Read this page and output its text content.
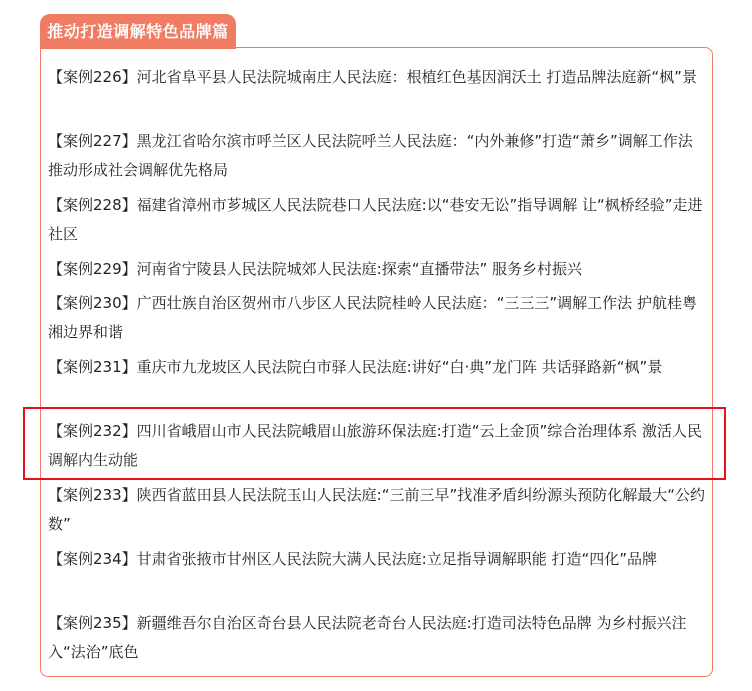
推动打造调解特色品牌篇
【案例226】河北省阜平县人民法院城南庄人民法庭：根植红色基因润沃土 打造品牌法庭新“枫”景
【案例227】黑龙江省哈尔滨市呼兰区人民法院呼兰人民法庭：“内外兼修”打造“萧乡”调解工作法 推动形成社会调解优先格局
【案例228】福建省漳州市芗城区人民法院巷口人民法庭:以“巷安无讼”指导调解 让“枫桥经验”走进社区
【案例229】河南省宁陵县人民法院城郊人民法庭:探索“直播带法” 服务乡村振兴
【案例230】广西壮族自治区贺州市八步区人民法院桂岭人民法庭：“三三三”调解工作法 护航桂粤湘边界和谐
【案例231】重庆市九龙坡区人民法院白市驿人民法庭:讲好“白·典”龙门阵 共话驿路新“枫”景
【案例232】四川省峨眉山市人民法院峨眉山旅游环保法庭:打造“云上金顶”综合治理体系 激活人民调解内生动能
【案例233】陕西省蓝田县人民法院玉山人民法庭:“三前三早”找准矛盾纠纷源头预防化解最大“公约数”
【案例234】甘肃省张掖市甘州区人民法院大满人民法庭:立足指导调解职能 打造“四化”品牌
【案例235】新疆维吾尔自治区奇台县人民法院老奇台人民法庭:打造司法特色品牌 为乡村振兴注入“法治”底色
